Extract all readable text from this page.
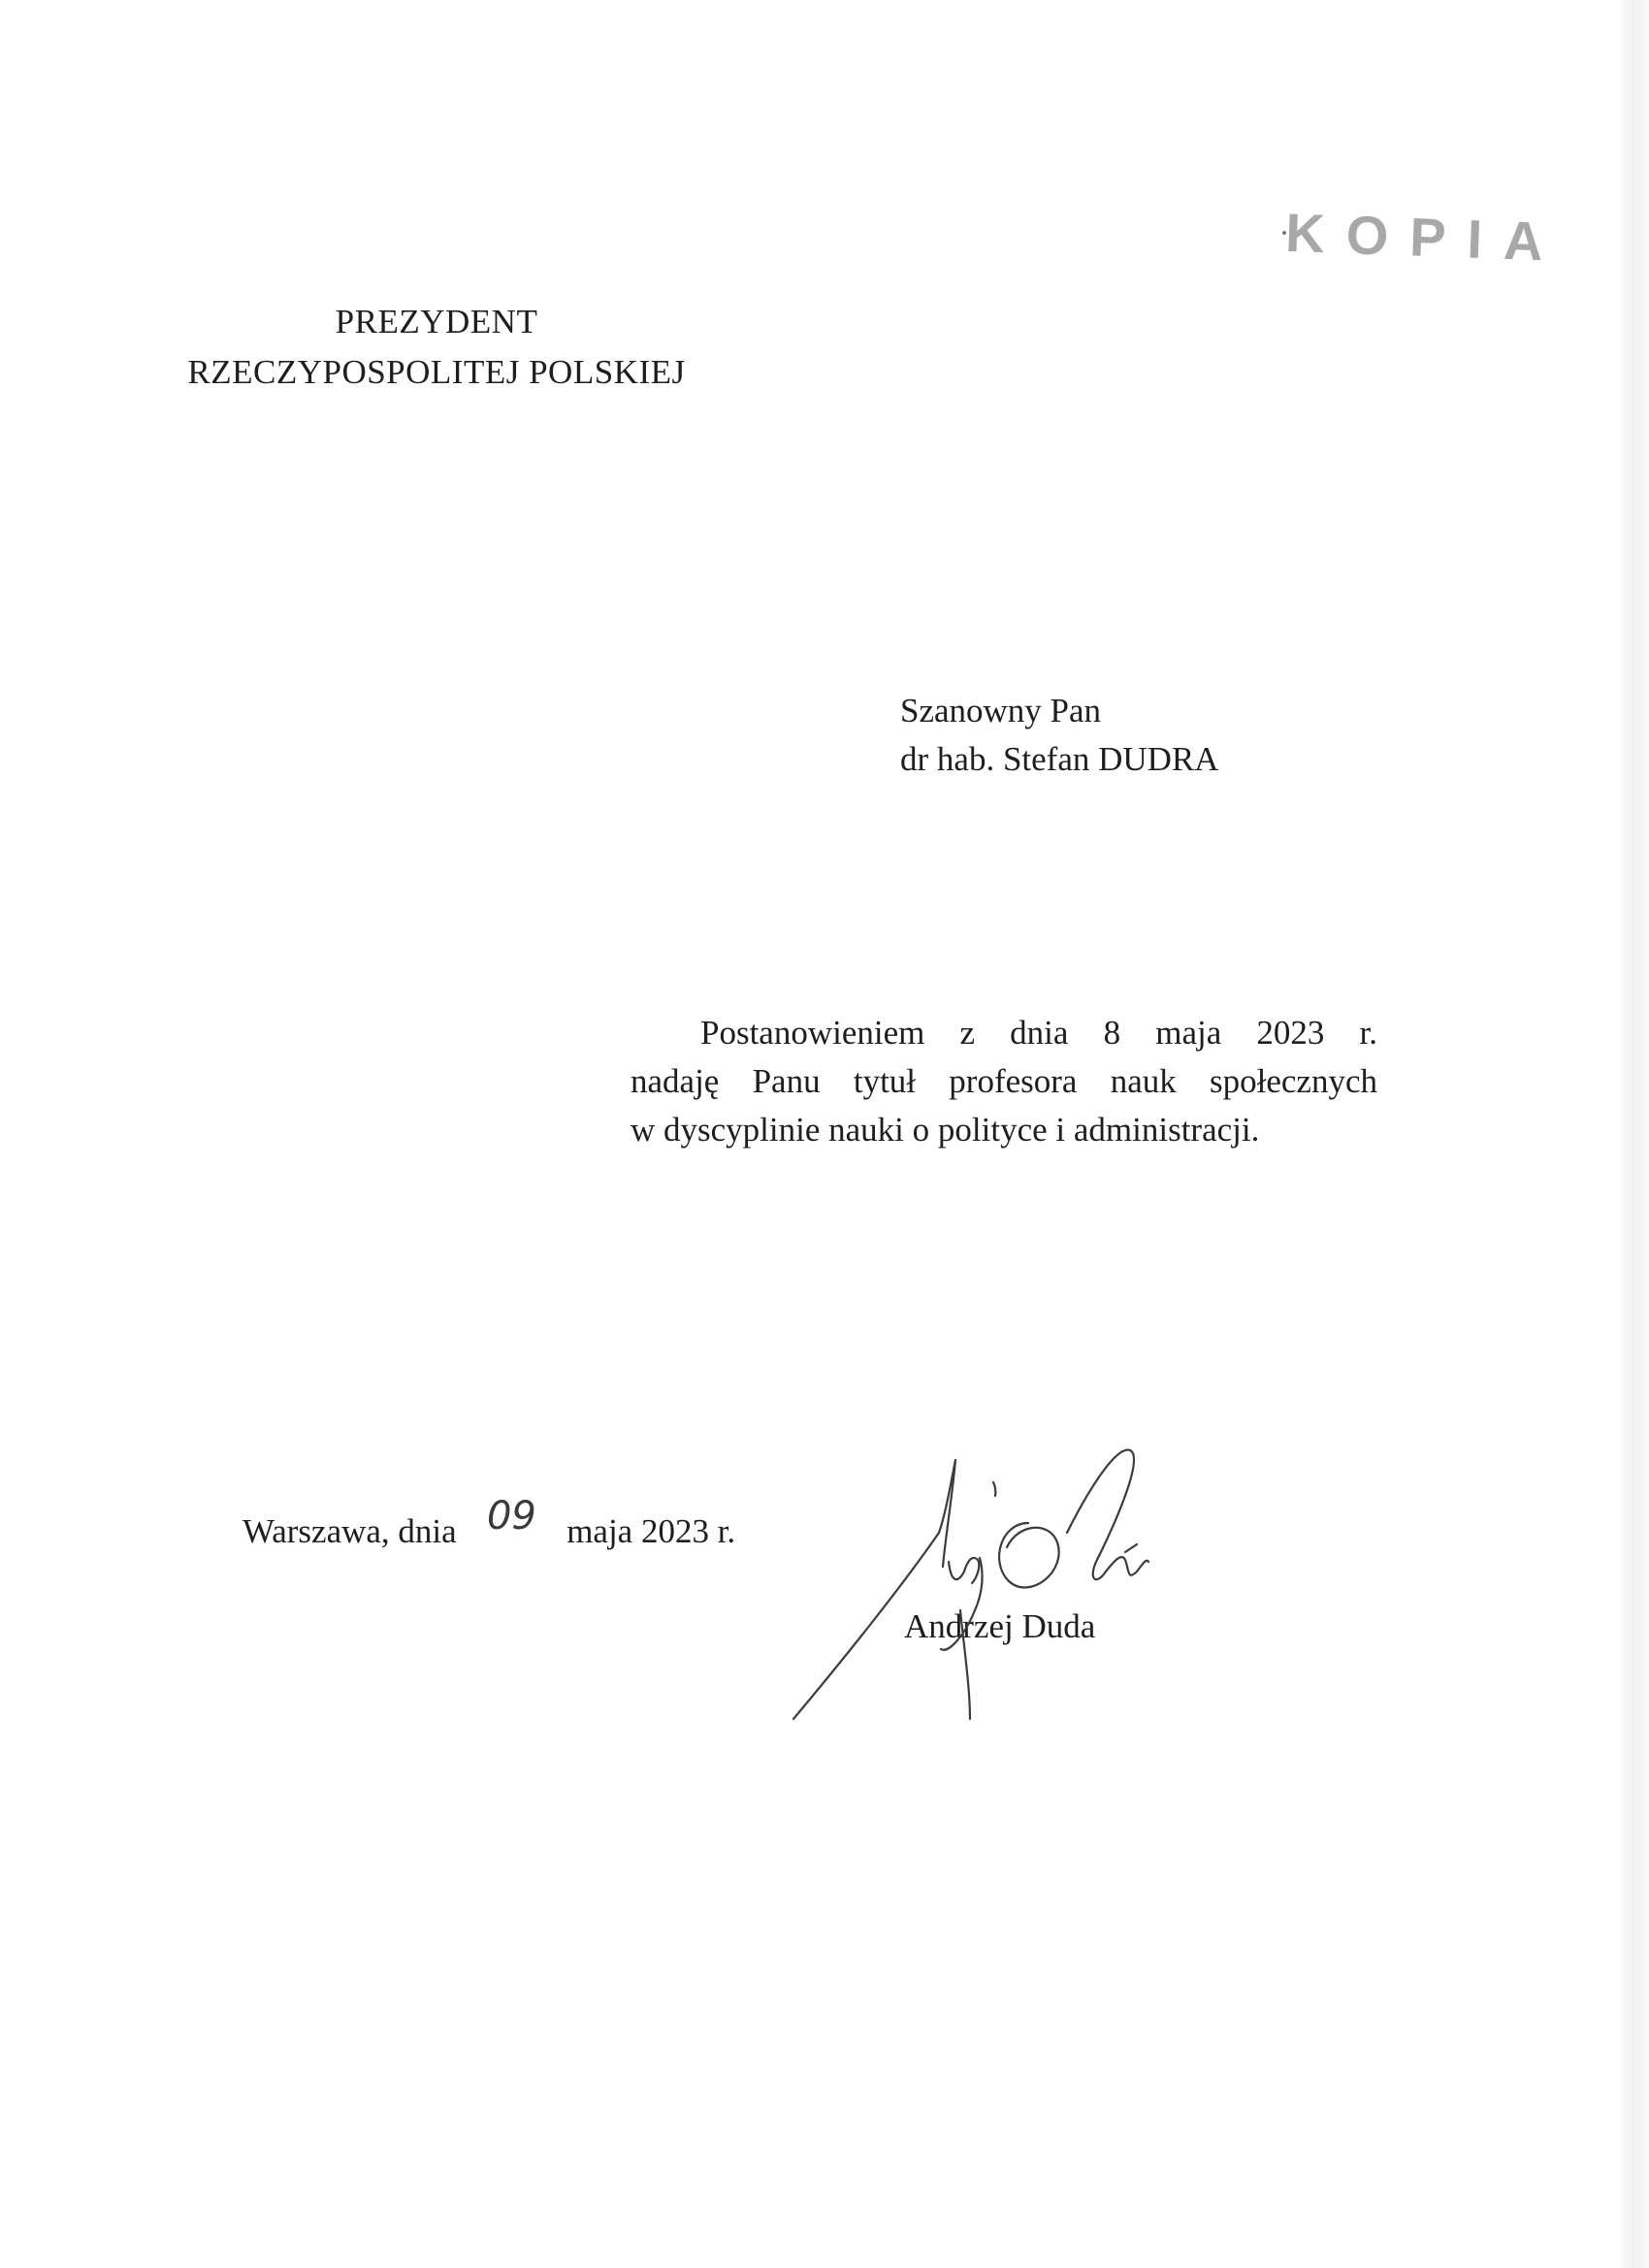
KOPIA
PREZYDENT
RZECZYPOSPOLITEJ POLSKIEJ
Szanowny Pan
dr hab. Stefan DUDRA
Postanowieniem z dnia 8 maja 2023 r.
nadaję Panu tytuł profesora nauk społecznych
w dyscyplinie nauki o polityce i administracji.
Andrzej Duda
Warszawa, dnia 09 maja 2023 r.
